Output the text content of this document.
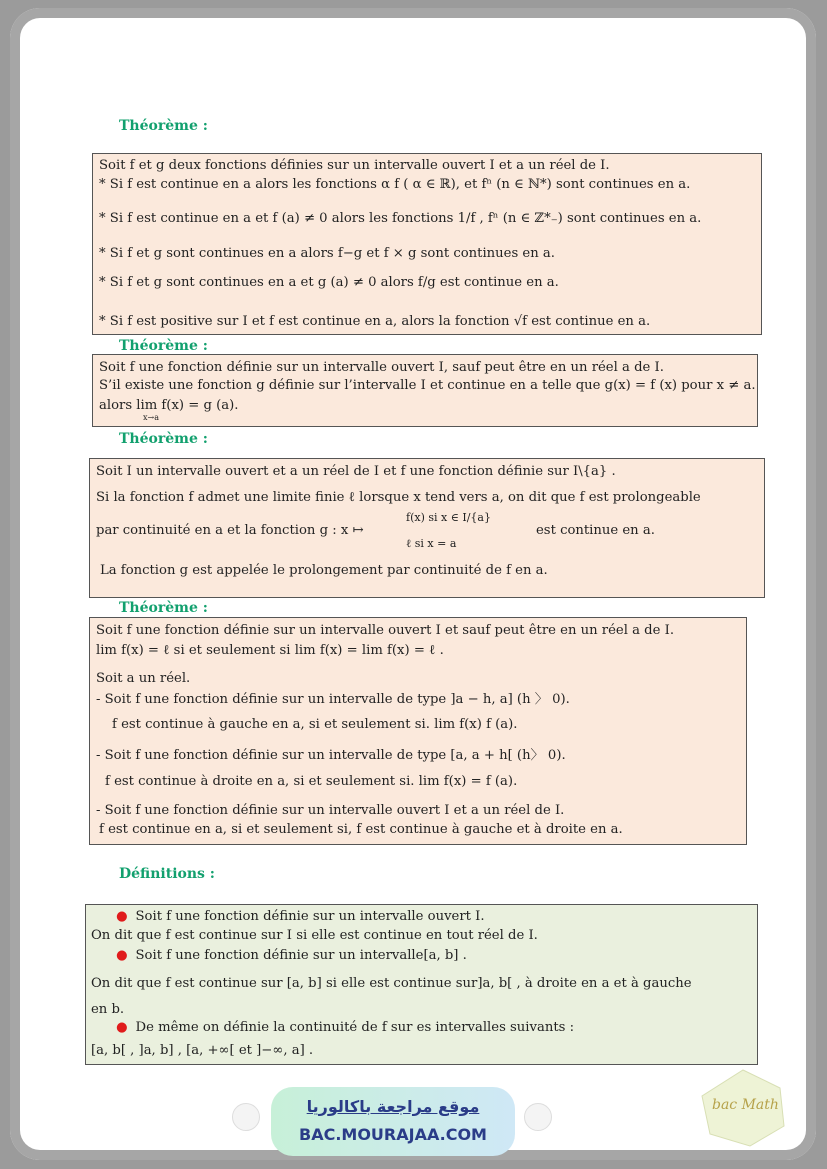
Théorème :
Soit f et g deux fonctions définies sur un intervalle ouvert I et a un réel de I.
* Si f est continue en a alors les fonctions α f ( α ∈ ℝ), et fⁿ (n ∈ ℕ*) sont continues en a.
* Si f est continue en a et f (a) ≠ 0 alors les fonctions 1/f , fⁿ (n ∈ ℤ*₋) sont continues en a.
* Si f et g sont continues en a alors f−g et f × g sont continues en a.
* Si f et g sont continues en a et g (a) ≠ 0 alors f/g est continue en a.
* Si f est positive sur I et f est continue en a, alors la fonction √f est continue en a.
Théorème :
Soit f une fonction définie sur un intervalle ouvert I, sauf peut être en un réel a de I.
S’il existe une fonction g définie sur l’intervalle I et continue en a telle que g(x) = f (x) pour x ≠ a.
alors lim f(x) = g (a).
x→a
Théorème :
Soit I un intervalle ouvert et a un réel de I et f une fonction définie sur I\{a} .
Si la fonction f admet une limite finie ℓ lorsque x tend vers a, on dit que f est prolongeable
par continuité en a et la fonction g : x ↦
f(x) si x ∈ I/{a}
ℓ si x = a
est continue en a.
La fonction g est appelée le prolongement par continuité de f en a.
Théorème :
Soit f une fonction définie sur un intervalle ouvert I et sauf peut être en un réel a de I.
lim f(x) = ℓ si et seulement si lim f(x) = lim f(x) = ℓ .
Soit a un réel.
- Soit f une fonction définie sur un intervalle de type ]a − h, a] (h 〉 0).
f est continue à gauche en a, si et seulement si. lim f(x) f (a).
- Soit f une fonction définie sur un intervalle de type [a, a + h[ (h〉 0).
f est continue à droite en a, si et seulement si. lim f(x) = f (a).
- Soit f une fonction définie sur un intervalle ouvert I et a un réel de I.
f est continue en a, si et seulement si, f est continue à gauche et à droite en a.
Définitions :
● Soit f une fonction définie sur un intervalle ouvert I.
On dit que f est continue sur I si elle est continue en tout réel de I.
● Soit f une fonction définie sur un intervalle[a, b] .
On dit que f est continue sur [a, b] si elle est continue sur]a, b[ , à droite en a et à gauche
en b.
● De même on définie la continuité de f sur es intervalles suivants :
[a, b[ , ]a, b] , [a, +∞[ et ]−∞, a] .
موقع مراجعة باكالوريا
BAC.MOURAJAA.COM
bac Math
